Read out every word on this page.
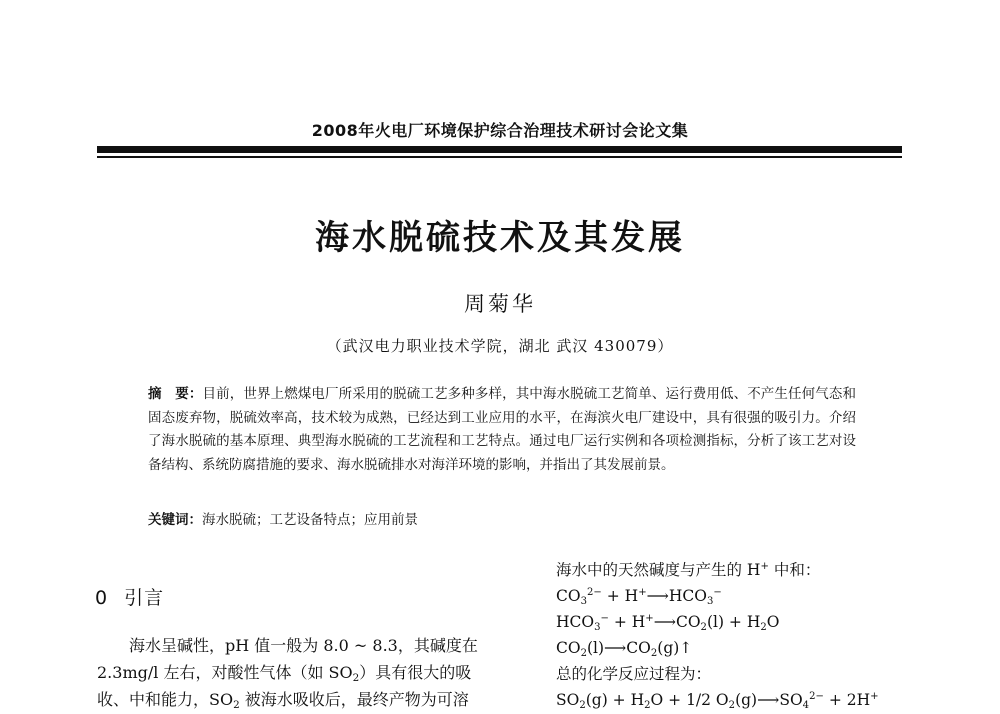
2008年火电厂环境保护综合治理技术研讨会论文集
海水脱硫技术及其发展
周菊华
（武汉电力职业技术学院，湖北 武汉 430079）
摘　要：目前，世界上燃煤电厂所采用的脱硫工艺多种多样，其中海水脱硫工艺简单、运行费用低、不产生任何气态和固态废弃物，脱硫效率高，技术较为成熟，已经达到工业应用的水平，在海滨火电厂建设中，具有很强的吸引力。介绍了海水脱硫的基本原理、典型海水脱硫的工艺流程和工艺特点。通过电厂运行实例和各项检测指标，分析了该工艺对设备结构、系统防腐措施的要求、海水脱硫排水对海洋环境的影响，并指出了其发展前景。
关键词：海水脱硫；工艺设备特点；应用前景
0 引言

海水呈碱性，pH 值一般为 8.0 ~ 8.3，其碱度在

2.3mg/l 左右，对酸性气体（如 $SO_2$）具有很大的吸
收、中和能力，$SO_2$ 被海水吸收后，最终产物为可溶
海水中的天然碱度与产生的 H+ 中和：
$CO_3^{2-}$ + $H^+⟶HCO_3^-$
$HCO_3^-$ + $H^+⟶CO_2(l) + H_2O$
$CO_2(l)⟶CO_2(g)↑$
总的化学反应过程为：
$SO_2(g) + H_2O + 1/2$ $O_2(g)⟶SO_4^{2-} + 2H^+$
